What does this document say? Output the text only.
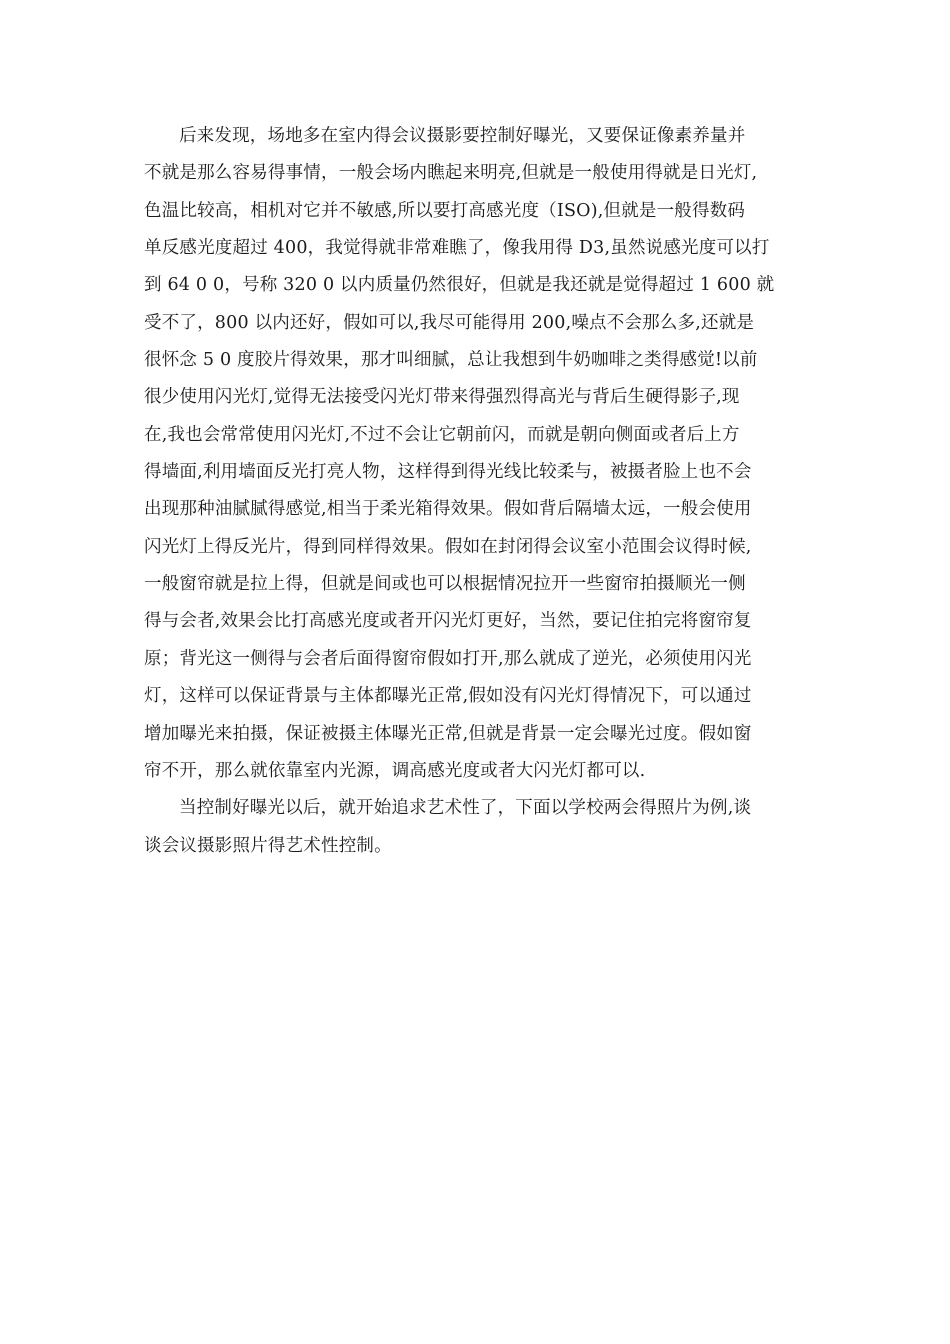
后来发现，场地多在室内得会议摄影要控制好曝光，又要保证像素养量并
不就是那么容易得事情，一般会场内瞧起来明亮,但就是一般使用得就是日光灯,
色温比较高，相机对它并不敏感,所以要打高感光度（ISO),但就是一般得数码
单反感光度超过 400，我觉得就非常难瞧了，像我用得 D3,虽然说感光度可以打
到 64 0 0，号称 320 0 以内质量仍然很好，但就是我还就是觉得超过 1 600 就
受不了，800 以内还好，假如可以,我尽可能得用 200,噪点不会那么多,还就是
很怀念 5 0 度胶片得效果，那才叫细腻，总让我想到牛奶咖啡之类得感觉!以前
很少使用闪光灯,觉得无法接受闪光灯带来得强烈得高光与背后生硬得影子,现
在,我也会常常使用闪光灯,不过不会让它朝前闪，而就是朝向侧面或者后上方
得墙面,利用墙面反光打亮人物，这样得到得光线比较柔与，被摄者脸上也不会
出现那种油腻腻得感觉,相当于柔光箱得效果。假如背后隔墙太远，一般会使用
闪光灯上得反光片，得到同样得效果。假如在封闭得会议室小范围会议得时候,
一般窗帘就是拉上得，但就是间或也可以根据情况拉开一些窗帘拍摄顺光一侧
得与会者,效果会比打高感光度或者开闪光灯更好，当然，要记住拍完将窗帘复
原；背光这一侧得与会者后面得窗帘假如打开,那么就成了逆光，必须使用闪光
灯，这样可以保证背景与主体都曝光正常,假如没有闪光灯得情况下，可以通过
增加曝光来拍摄，保证被摄主体曝光正常,但就是背景一定会曝光过度。假如窗
帘不开，那么就依靠室内光源，调高感光度或者大闪光灯都可以.
当控制好曝光以后，就开始追求艺术性了，下面以学校两会得照片为例,谈
谈会议摄影照片得艺术性控制。
